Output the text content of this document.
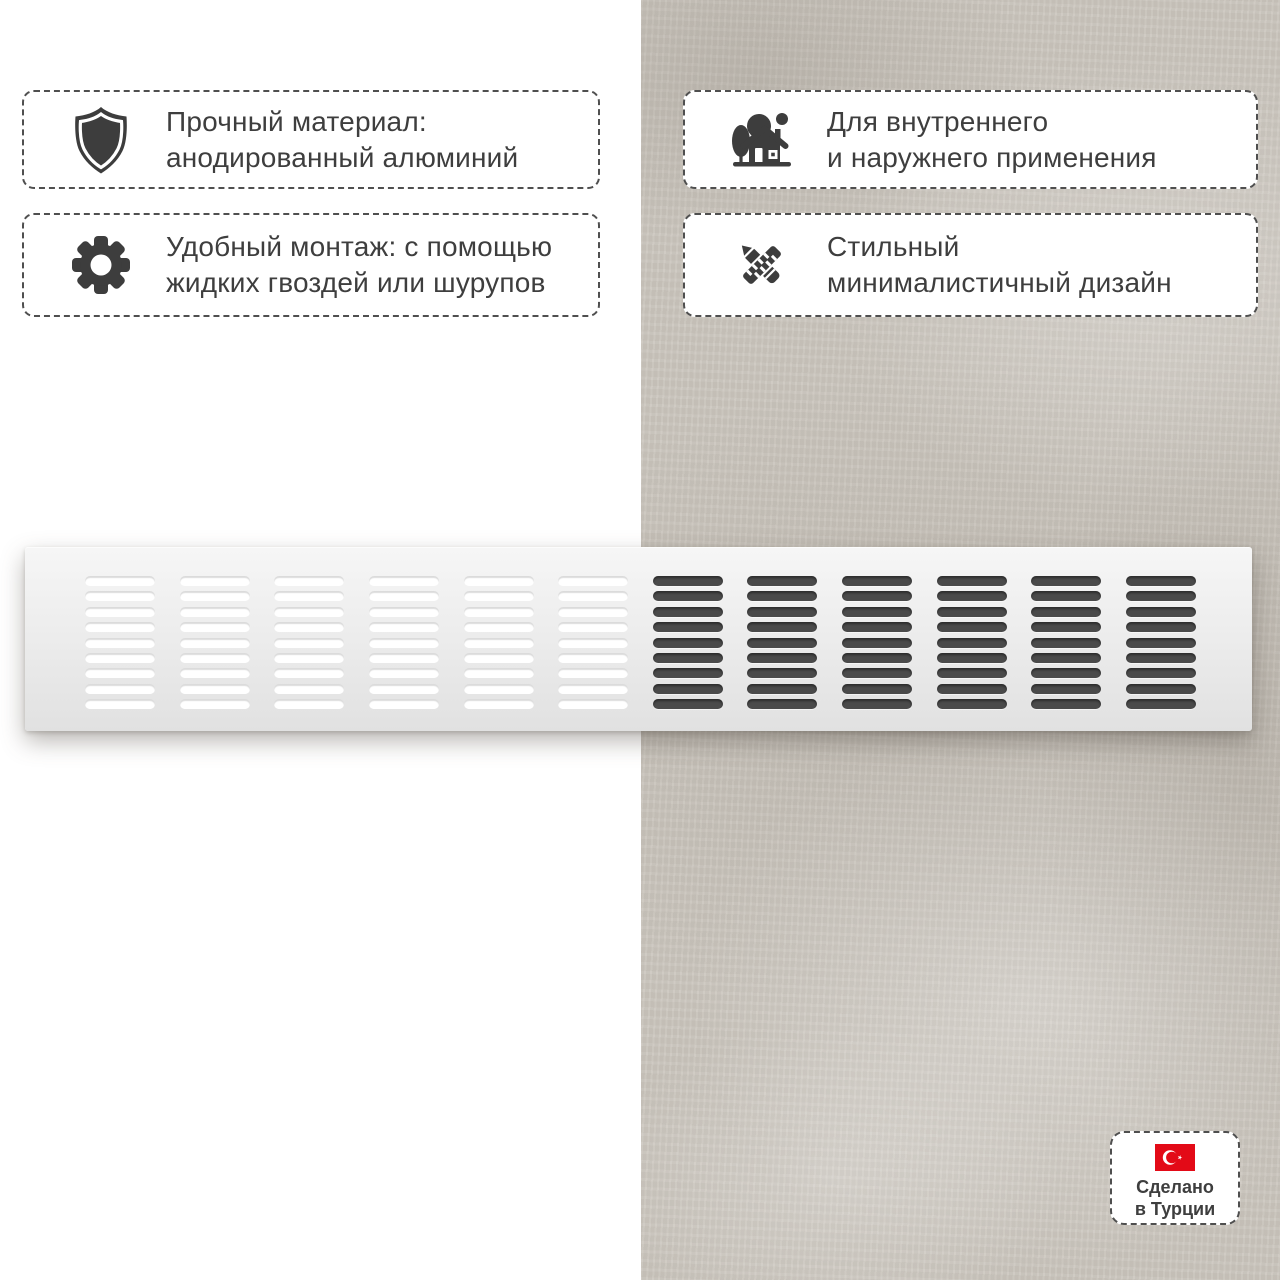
Прочный материал:
анодированный алюминий
Для внутреннего
и наружнего применения
Удобный монтаж: с помощью
жидких гвоздей или шурупов
Стильный
минималистичный дизайн
Сделано
в Турции
